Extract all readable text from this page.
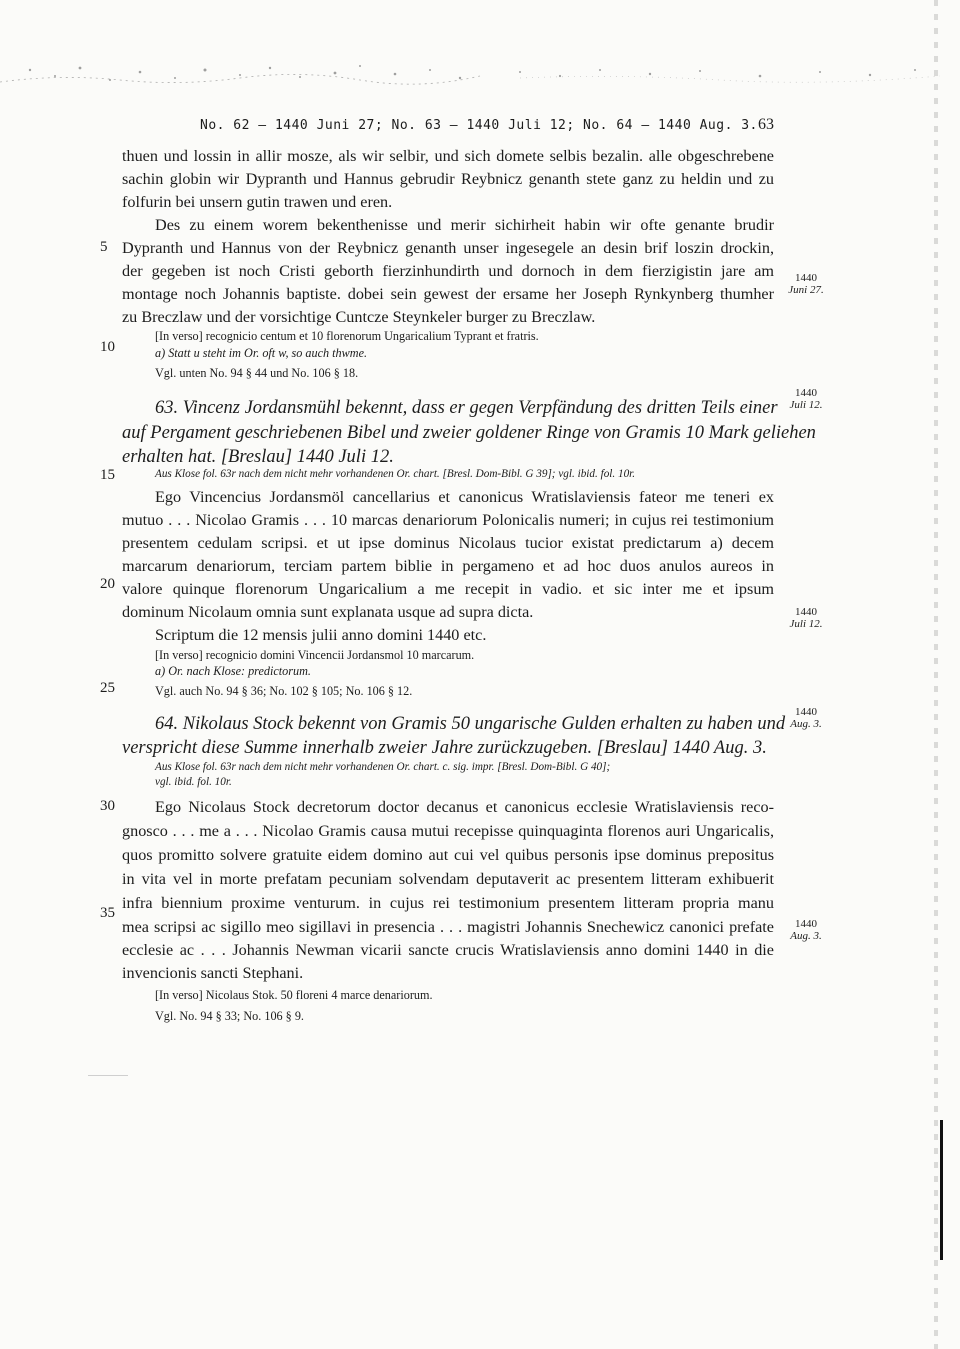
No. 62 — 1440 Juni 27; No. 63 — 1440 Juli 12; No. 64 — 1440 Aug. 3. 63
thuen und lossin in allir mosze, als wir selbir, und sich domete selbis bezalin. alle obgeschrebene
sachin globin wir Dypranth und Hannus gebrudir Reybnicz genanth stete ganz zu heldin und zu
folfurin bei unsern gutin trawen und eren.
Des zu einem worem bekenthenisse und merir sichirheit habin wir ofte genante brudir
Dypranth und Hannus von der Reybnicz genanth unser ingesegele an desin brif loszin drockin,
der gegeben ist noch Cristi geborth fierzinhundirth und dornoch in dem fierzigistin jare am
montage noch Johannis baptiste. dobei sein gewest der ersame her Joseph Rynkynberg thumher
zu Breczlaw und der vorsichtige Cuntcze Steynkeler burger zu Breczlaw.
[In verso] recognicio centum et 10 florenorum Ungaricalium Typrant et fratris.
a) Statt u steht im Or. oft w, so auch thwme.
Vgl. unten No. 94 § 44 und No. 106 § 18.
63. Vincenz Jordansmühl bekennt, dass er gegen Verpfändung des dritten Teils einer
auf Pergament geschriebenen Bibel und zweier goldener Ringe von Gramis 10 Mark geliehen
erhalten hat. [Breslau] 1440 Juli 12.
Aus Klose fol. 63r nach dem nicht mehr vorhandenen Or. chart. [Bresl. Dom-Bibl. G 39]; vgl. ibid. fol. 10r.
Ego Vincencius Jordansmöl cancellarius et canonicus Wratislaviensis fateor me teneri ex
mutuo . . . Nicolao Gramis . . . 10 marcas denariorum Polonicalis numeri; in cujus rei testimonium
presentem cedulam scripsi. et ut ipse dominus Nicolaus tucior existat predictarum a) decem
marcarum denariorum, terciam partem biblie in pergameno et ad hoc duos anulos aureos in
valore quinque florenorum Ungaricalium a me recepit in vadio. et sic inter me et ipsum
dominum Nicolaum omnia sunt explanata usque ad supra dicta.
Scriptum die 12 mensis julii anno domini 1440 etc.
[In verso] recognicio domini Vincencii Jordansmol 10 marcarum.
a) Or. nach Klose: predictorum.
Vgl. auch No. 94 § 36; No. 102 § 105; No. 106 § 12.
64. Nikolaus Stock bekennt von Gramis 50 ungarische Gulden erhalten zu haben und
verspricht diese Summe innerhalb zweier Jahre zurückzugeben. [Breslau] 1440 Aug. 3.
Aus Klose fol. 63r nach dem nicht mehr vorhandenen Or. chart. c. sig. impr. [Bresl. Dom-Bibl. G 40];
vgl. ibid. fol. 10r.
Ego Nicolaus Stock decretorum doctor decanus et canonicus ecclesie Wratislaviensis reco-
gnosco . . . me a . . . Nicolao Gramis causa mutui recepisse quinquaginta florenos auri Ungaricalis,
quos promitto solvere gratuite eidem domino aut cui vel quibus personis ipse dominus prepositus
in vita vel in morte prefatam pecuniam solvendam deputaverit ac presentem litteram exhibuerit
infra biennium proxime venturum. in cujus rei testimonium presentem litteram propria manu
mea scripsi ac sigillo meo sigillavi in presencia . . . magistri Johannis Snechewicz canonici prefate
ecclesie ac . . . Johannis Newman vicarii sancte crucis Wratislaviensis anno domini 1440 in die
invencionis sancti Stephani.
[In verso] Nicolaus Stok. 50 floreni 4 marce denariorum.
Vgl. No. 94 § 33; No. 106 § 9.
5
10
15
20
25
30
35
1440
Juni 27.
1440
Juli 12.
1440
Juli 12.
1440
Aug. 3.
1440
Aug. 3.
